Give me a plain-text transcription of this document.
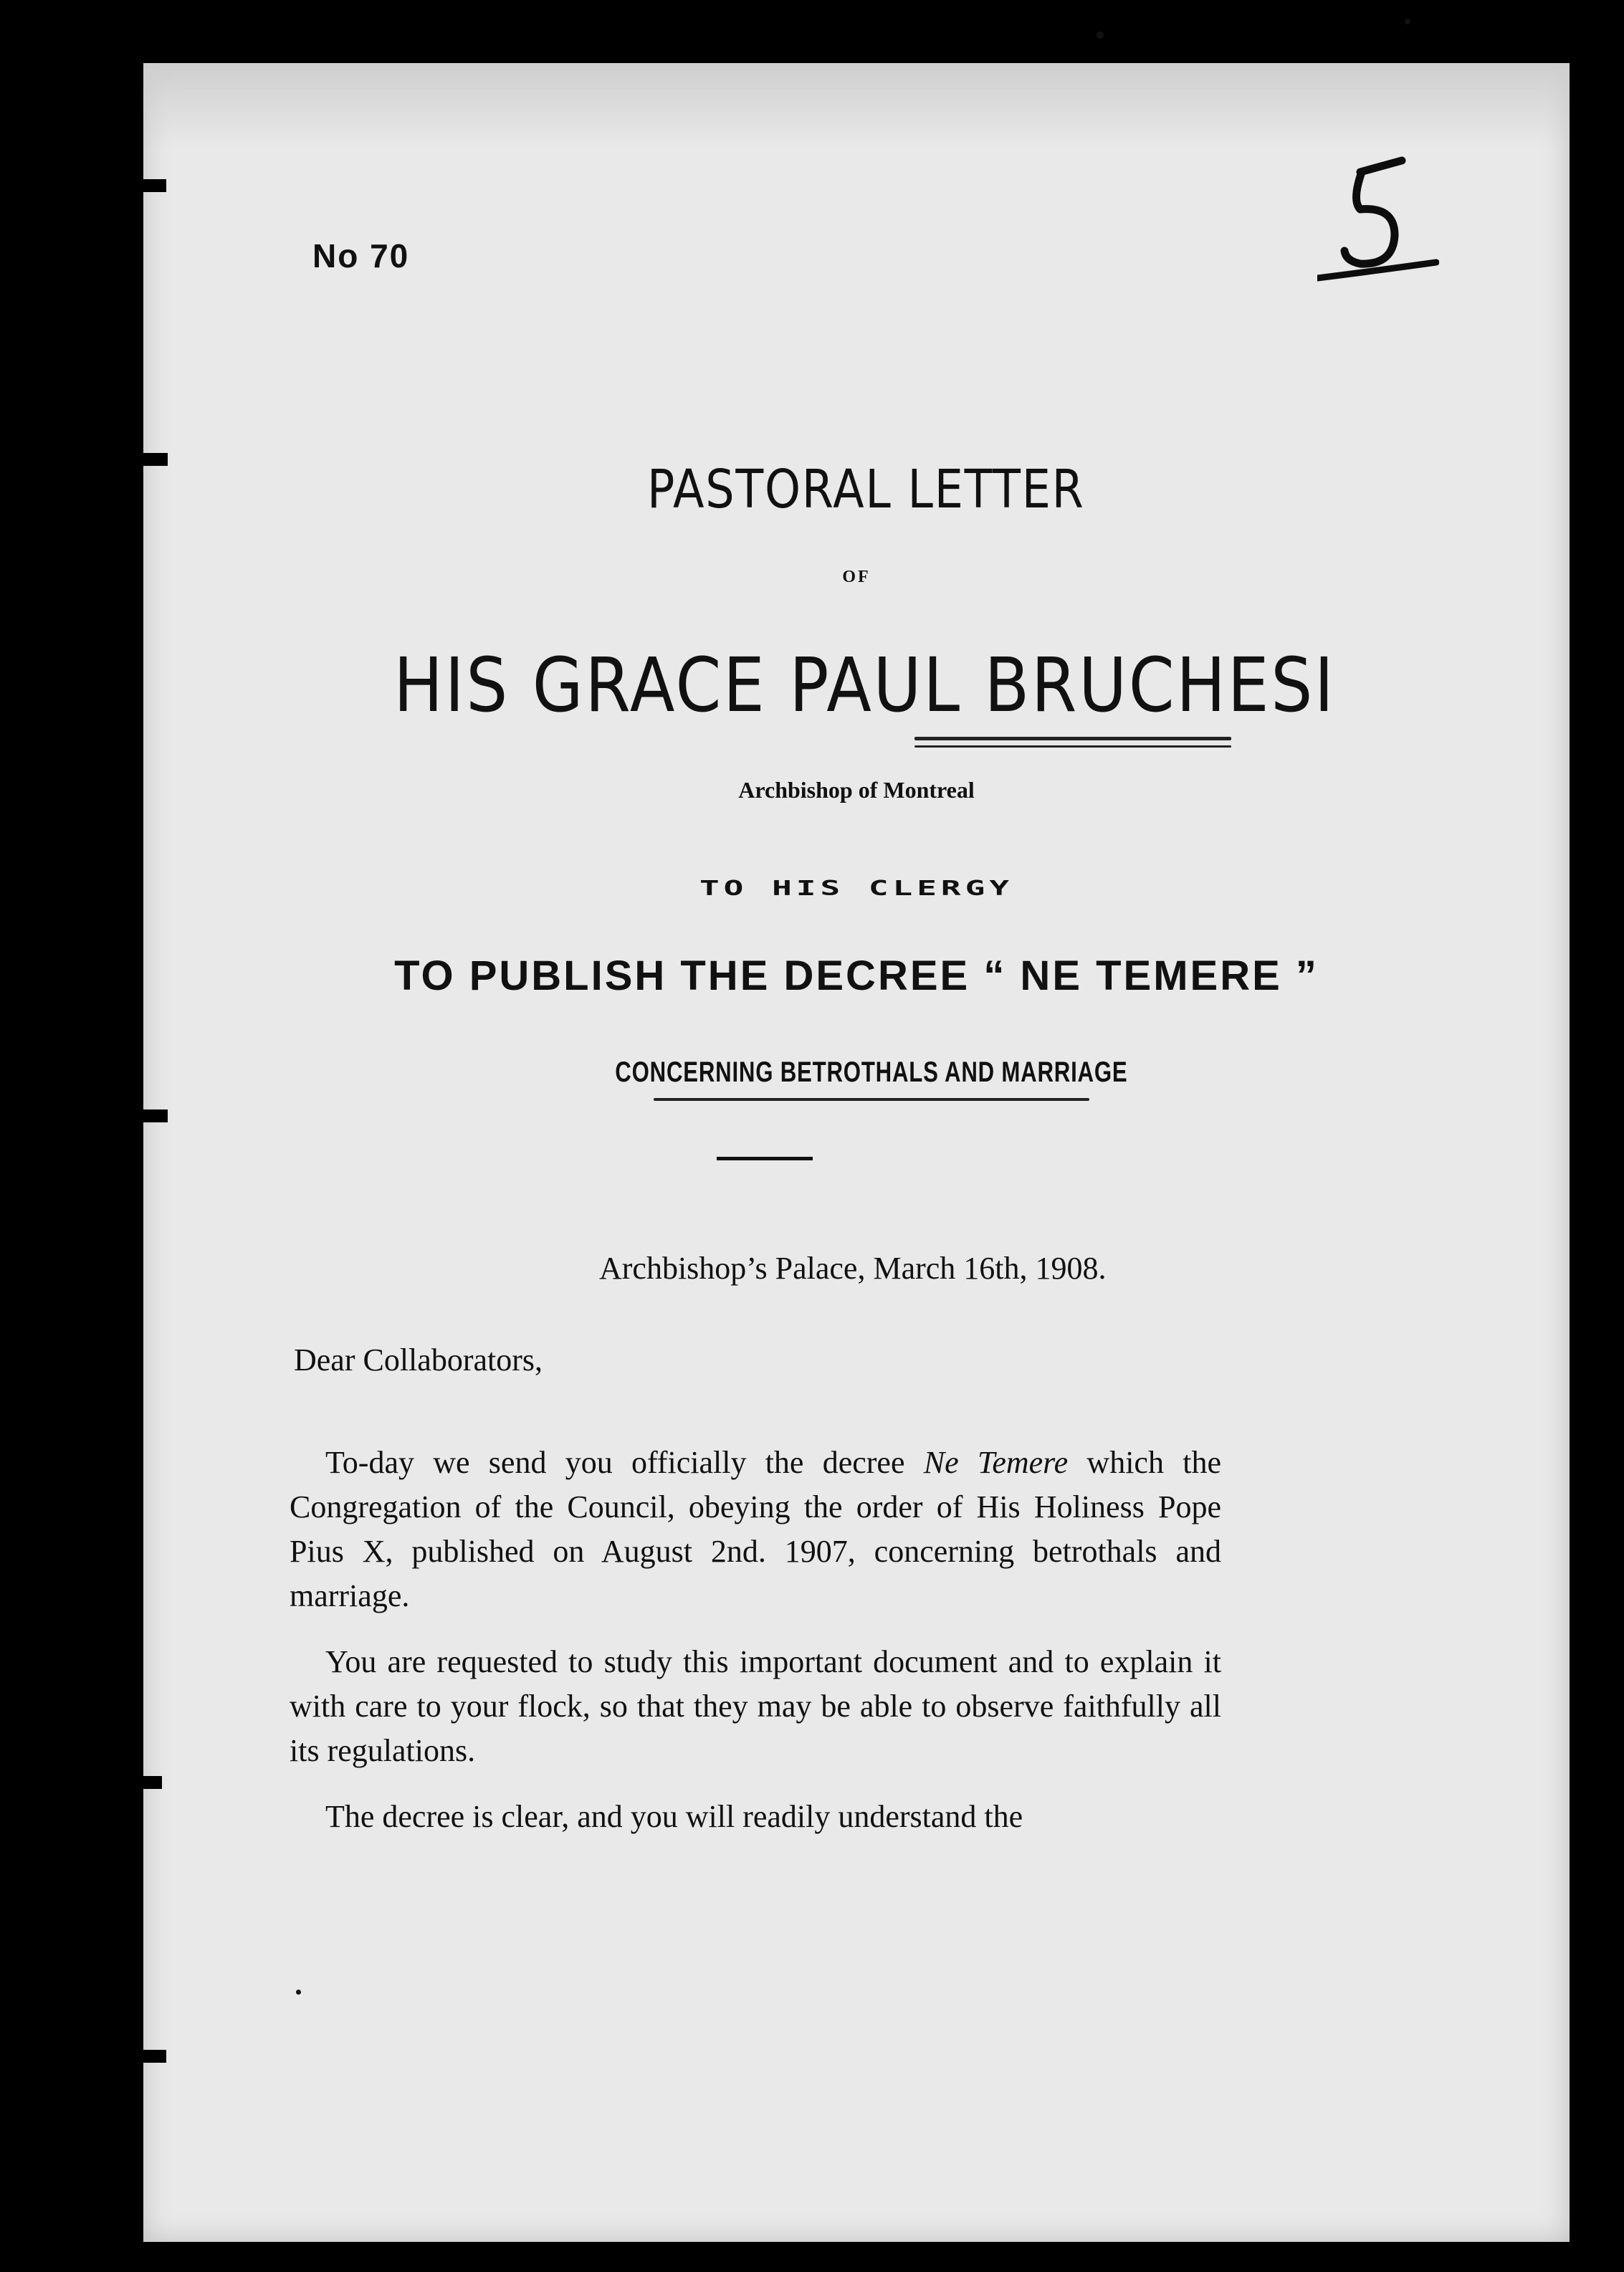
No 70
PASTORAL LETTER
OF
HIS GRACE PAUL BRUCHESI
Archbishop of Montreal
TO HIS CLERGY
TO PUBLISH THE DECREE “ NE TEMERE ”
CONCERNING BETROTHALS AND MARRIAGE
Archbishop’s Palace, March 16th, 1908.
Dear Collaborators,

To-day we send you officially the decree Ne Temere which the Congregation of the Council, obeying the order of His Holiness Pope Pius X, published on August 2nd. 1907, concerning betrothals and marriage.

You are requested to study this important document and to explain it with care to your flock, so that they may be able to observe faithfully all its regulations.

The decree is clear, and you will readily understand the
